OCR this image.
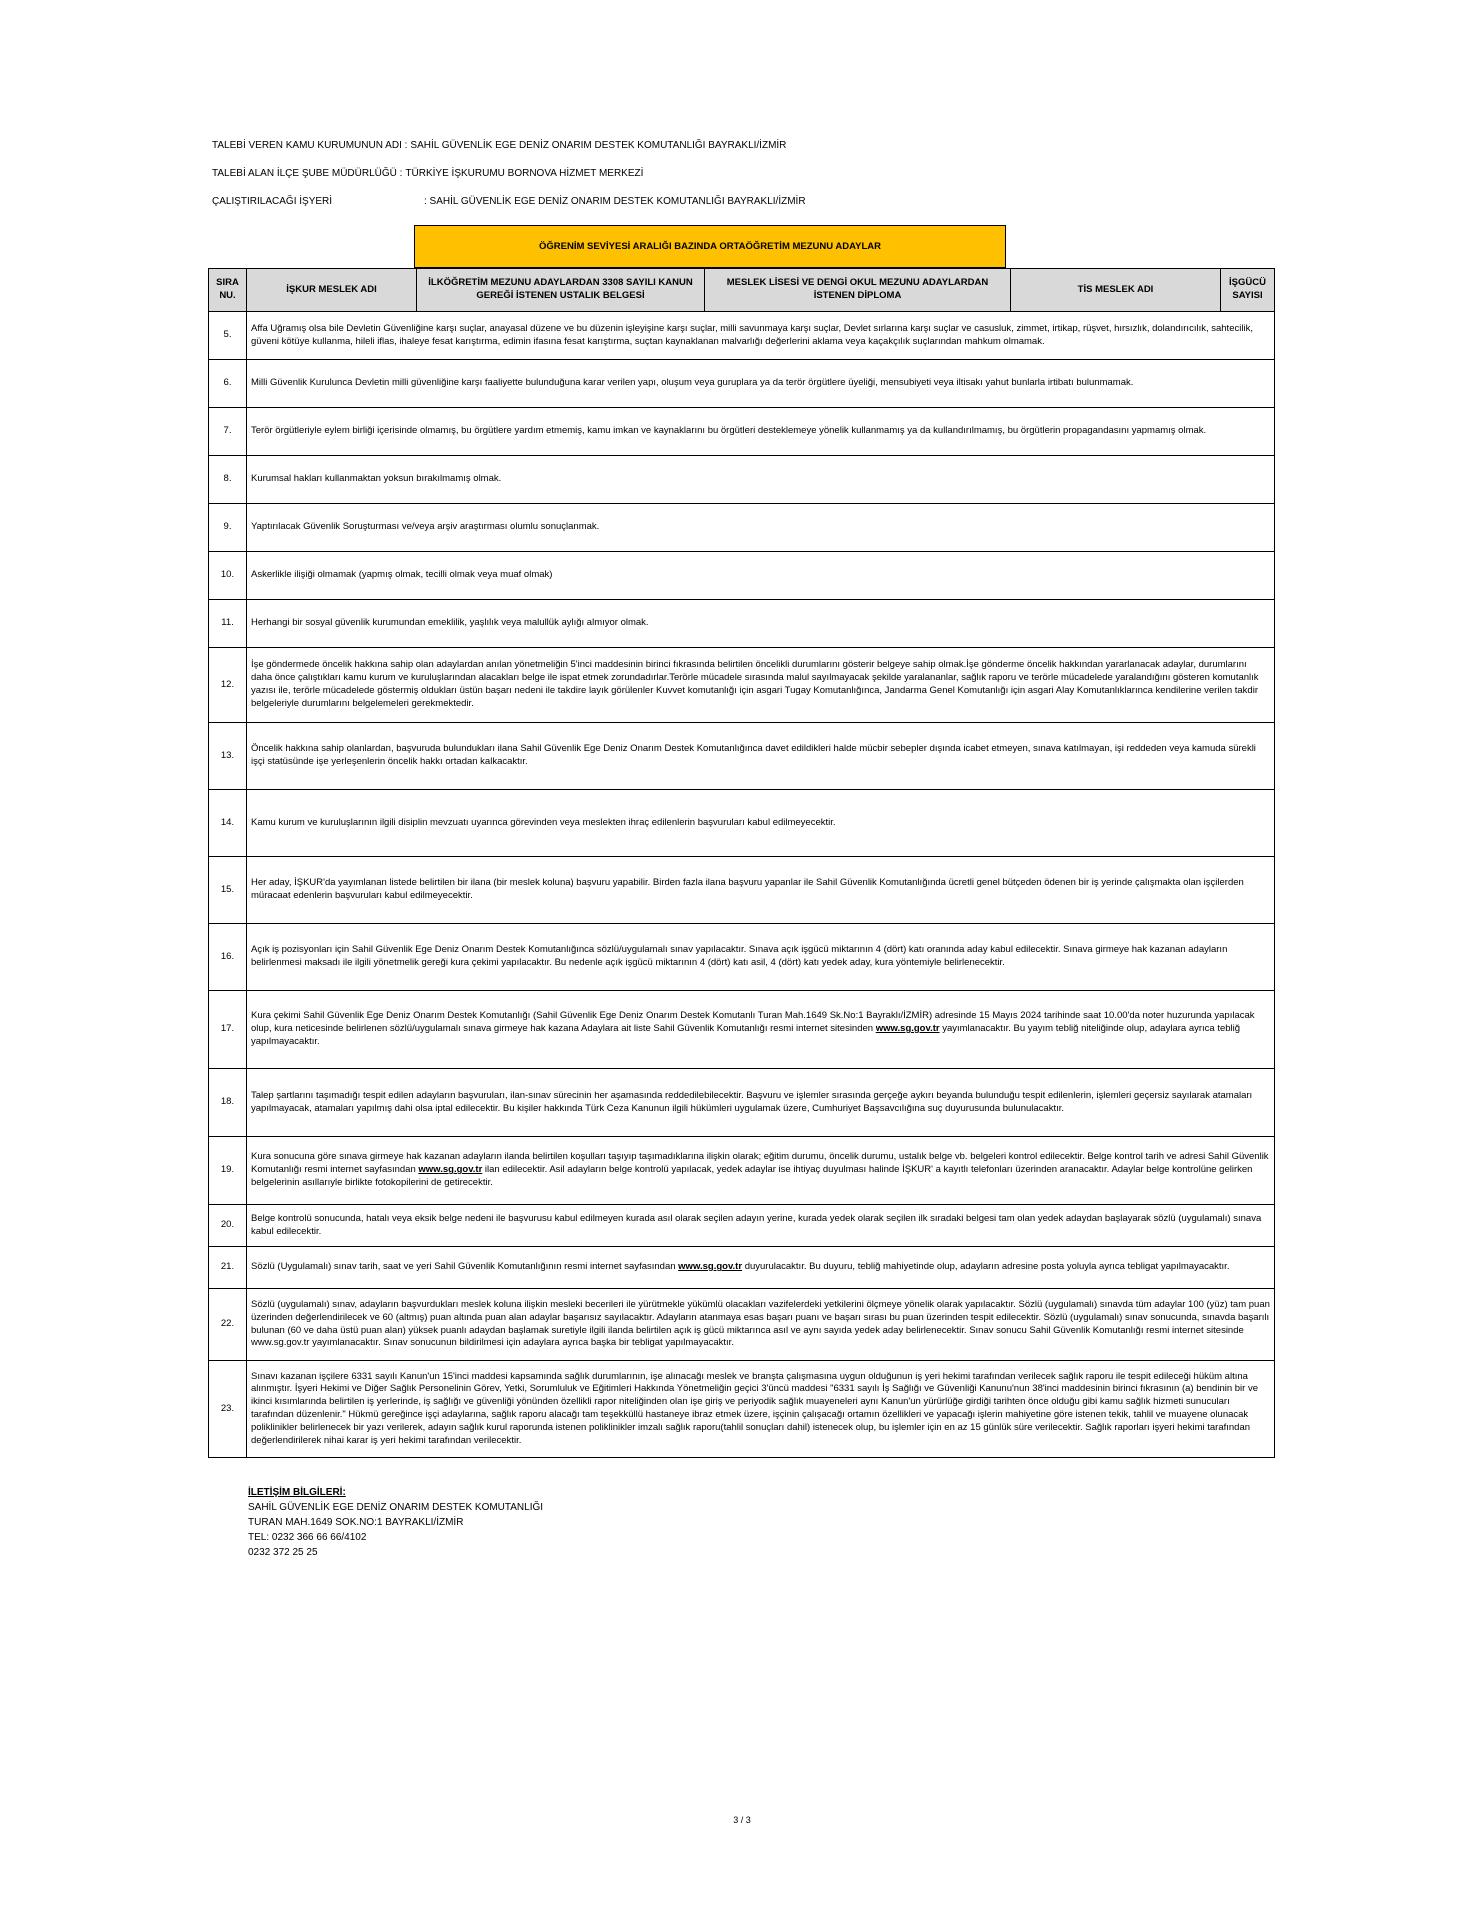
TALEBİ VEREN KAMU KURUMUNUN ADI : SAHİL GÜVENLİK EGE DENİZ ONARIM DESTEK KOMUTANLIĞI BAYRAKLI/İZMİR
TALEBİ ALAN İLÇE ŞUBE MÜDÜRLÜĞÜ : TÜRKİYE İŞKURUMU BORNOVA HİZMET MERKEZİ
ÇALIŞTIRILACAĞI İŞYERİ	: SAHİL GÜVENLİK EGE DENİZ ONARIM DESTEK KOMUTANLIĞI BAYRAKLI/İZMİR
ÖĞRENİM SEVİYESİ ARALIĞI BAZINDA ORTAÖĞRETİM MEZUNU ADAYLAR
SIRA NU.	İŞKUR MESLEK ADI	İLKÖĞRETİM MEZUNU ADAYLARDAN 3308 SAYILI KANUN GEREĞİ İSTENEN USTALIK BELGESİ	MESLEK LİSESİ VE DENGİ OKUL MEZUNU ADAYLARDAN İSTENEN DİPLOMA	TİS MESLEK ADI	İŞGÜCÜ SAYISI
5.	Affa Uğramış olsa bile Devletin Güvenliğine karşı suçlar, anayasal düzene ve bu düzenin işleyişine karşı suçlar, milli savunmaya karşı suçlar, Devlet sırlarına karşı suçlar ve casusluk, zimmet, irtikap, rüşvet, hırsızlık, dolandırıcılık, sahtecilik, güveni kötüye kullanma, hileli iflas, ihaleye fesat karıştırma, edimin ifasına fesat karıştırma, suçtan kaynaklanan malvarlığı değerlerini aklama veya kaçakçılık suçlarından mahkum olmamak.				
6.	Milli Güvenlik Kurulunca Devletin milli güvenliğine karşı faaliyette bulunduğuna karar verilen yapı, oluşum veya guruplara ya da terör örgütlere üyeliği, mensubiyeti veya iltisakı yahut bunlarla irtibatı bulunmamak.				
7.	Terör örgütleriyle eylem birliği içerisinde olmamış, bu örgütlere yardım etmemiş, kamu imkan ve kaynaklarını bu örgütleri desteklemeye yönelik kullanmamış ya da kullandırılmamış, bu örgütlerin propagandasını yapmamış olmak.				
8.	Kurumsal hakları kullanmaktan yoksun bırakılmamış olmak.				
9.	Yaptırılacak Güvenlik Soruşturması ve/veya arşiv araştırması olumlu sonuçlanmak.				
10.	Askerlikle ilişiği olmamak (yapmış olmak, tecilli olmak veya muaf olmak)				
11.	Herhangi bir sosyal güvenlik kurumundan emeklilik, yaşlılık veya malullük aylığı almıyor olmak.				
12.	İşe göndermede öncelik hakkına sahip olan adaylardan anılan yönetmeliğin 5'inci maddesinin birinci fıkrasında belirtilen öncelikli durumlarını gösterir belgeye sahip olmak.İşe gönderme öncelik hakkından yararlanacak adaylar, durumlarını daha önce çalıştıkları kamu kurum ve kuruluşlarından alacakları belge ile ispat etmek zorundadırlar.Terörle mücadele sırasında malul sayılmayacak şekilde yaralananlar, sağlık raporu ve terörle mücadelede yaralandığını gösteren komutanlık yazısı ile, terörle mücadelede göstermiş oldukları üstün başarı nedeni ile takdire layık görülenler Kuvvet komutanlığı için asgari Tugay Komutanlığınca, Jandarma Genel Komutanlığı için asgari Alay Komutanlıklarınca kendilerine verilen takdir belgeleriyle durumlarını belgelemeleri gerekmektedir.				
13.	Öncelik hakkına sahip olanlardan, başvuruda bulundukları ilana Sahil Güvenlik Ege Deniz Onarım Destek Komutanlığınca davet edildikleri halde mücbir sebepler dışında icabet etmeyen, sınava katılmayan, işi reddeden veya kamuda sürekli işçi statüsünde işe yerleşenlerin öncelik hakkı ortadan kalkacaktır.				
14.	Kamu kurum ve kuruluşlarının ilgili disiplin mevzuatı uyarınca görevinden veya meslekten ihraç edilenlerin başvuruları kabul edilmeyecektir.				
15.	Her aday, İŞKUR'da yayımlanan listede belirtilen bir ilana (bir meslek koluna) başvuru yapabilir. Birden fazla ilana başvuru yapanlar ile Sahil Güvenlik Komutanlığında ücretli genel bütçeden ödenen bir iş yerinde çalışmakta olan işçilerden müracaat edenlerin başvuruları kabul edilmeyecektir.				
16.	Açık iş pozisyonları için Sahil Güvenlik Ege Deniz Onarım Destek Komutanlığınca sözlü/uygulamalı sınav yapılacaktır. Sınava açık işgücü miktarının 4 (dört) katı oranında aday kabul edilecektir. Sınava girmeye hak kazanan adayların belirlenmesi maksadı ile ilgili yönetmelik gereği kura çekimi yapılacaktır. Bu nedenle açık işgücü miktarının 4 (dört) katı asil, 4 (dört) katı yedek aday, kura yöntemiyle belirlenecektir.				
17.	Kura çekimi Sahil Güvenlik Ege Deniz Onarım Destek Komutanlığı (Sahil Güvenlik Ege Deniz Onarım Destek Komutanlı Turan Mah.1649 Sk.No:1 Bayraklı/İZMİR) adresinde 15 Mayıs 2024 tarihinde saat 10.00'da noter huzurunda yapılacak olup, kura neticesinde belirlenen sözlü/uygulamalı sınava girmeye hak kazana Adaylara ait liste Sahil Güvenlik Komutanlığı resmi internet sitesinden www.sg.gov.tr yayımlanacaktır. Bu yayım tebliğ niteliğinde olup, adaylara ayrıca tebliğ yapılmayacaktır.				
18.	Talep şartlarını taşımadığı tespit edilen adayların başvuruları, ilan-sınav sürecinin her aşamasında reddedilebilecektir. Başvuru ve işlemler sırasında gerçeğe aykırı beyanda bulunduğu tespit edilenlerin, işlemleri geçersiz sayılarak atamaları yapılmayacak, atamaları yapılmış dahi olsa iptal edilecektir. Bu kişiler hakkında Türk Ceza Kanunun ilgili hükümleri uygulamak üzere, Cumhuriyet Başsavcılığına suç duyurusunda bulunulacaktır.				
19.	Kura sonucuna göre sınava girmeye hak kazanan adayların ilanda belirtilen koşulları taşıyıp taşımadıklarına ilişkin olarak; eğitim durumu, öncelik durumu, ustalık belge vb. belgeleri kontrol edilecektir. Belge kontrol tarih ve adresi Sahil Güvenlik Komutanlığı resmi internet sayfasından www.sg.gov.tr ilan edilecektir. Asil adayların belge kontrolü yapılacak, yedek adaylar ise ihtiyaç duyulması halinde İŞKUR' a kayıtlı telefonları üzerinden aranacaktır. Adaylar belge kontrolüne gelirken belgelerinin asıllarıyle birlikte fotokopilerini de getirecektir.				
20.	Belge kontrolü sonucunda, hatalı veya eksik belge nedeni ile başvurusu kabul edilmeyen kurada asıl olarak seçilen adayın yerine, kurada yedek olarak seçilen ilk sıradaki belgesi tam olan yedek adaydan başlayarak sözlü (uygulamalı) sınava kabul edilecektir.				
21.	Sözlü (Uygulamalı) sınav tarih, saat ve yeri Sahil Güvenlik Komutanlığının resmi internet sayfasından www.sg.gov.tr duyurulacaktır. Bu duyuru, tebliğ mahiyetinde olup, adayların adresine posta yoluyla ayrıca tebligat yapılmayacaktır.				
22.	Sözlü (uygulamalı) sınav, adayların başvurdukları meslek koluna ilişkin mesleki becerileri ile yürütmekle yükümlü olacakları vazifelerdeki yetkilerini ölçmeye yönelik olarak yapılacaktır. Sözlü (uygulamalı) sınavda tüm adaylar 100 (yüz) tam puan üzerinden değerlendirilecek ve 60 (altmış) puan altında puan alan adaylar başarısız sayılacaktır. Adayların atanmaya esas başarı puanı ve başarı sırası bu puan üzerinden tespit edilecektir. Sözlü (uygulamalı) sınav sonucunda, sınavda başarılı bulunan (60 ve daha üstü puan alan) yüksek puanlı adaydan başlamak suretiyle ilgili ilanda belirtilen açık iş gücü miktarınca asıl ve aynı sayıda yedek aday belirlenecektir. Sınav sonucu Sahil Güvenlik Komutanlığı resmi internet sitesinde www.sg.gov.tr yayımlanacaktır. Sınav sonucunun bildirilmesi için adaylara ayrıca başka bir tebligat yapılmayacaktır.				
23.	Sınavı kazanan işçilere 6331 sayılı Kanun'un 15'inci maddesi kapsamında sağlık durumlarının, işe alınacağı meslek ve branşta çalışmasına uygun olduğunun iş yeri hekimi tarafından verilecek sağlık raporu ile tespit edileceği hüküm altına alınmıştır. İşyeri Hekimi ve Diğer Sağlık Personelinin Görev, Yetki, Sorumluluk ve Eğitimleri Hakkında Yönetmeliğin geçici 3'üncü maddesi "6331 sayılı İş Sağlığı ve Güvenliği Kanunu'nun 38'inci maddesinin birinci fıkrasının (a) bendinin bir ve ikinci kısımlarında belirtilen iş yerlerinde, iş sağlığı ve güvenliği yönünden özellikli rapor niteliğinden olan işe giriş ve periyodik sağlık muayeneleri aynı Kanun'un yürürlüğe girdiği tarihten önce olduğu gibi kamu sağlık hizmeti sunucuları tarafından düzenlenir." Hükmü gereğince işçi adaylarına, sağlık raporu alacağı tam teşekküllü hastaneye ibraz etmek üzere, işçinin çalışacağı ortamın özellikleri ve yapacağı işlerin mahiyetine göre istenen tekik, tahlil ve muayene olunacak poliklinikler belirlenecek bir yazı verilerek, adayın sağlık kurul raporunda istenen poliklinikler imzalı sağlık raporu(tahlil sonuçları dahil) istenecek olup, bu işlemler için en az 15 günlük süre verilecektir. Sağlık raporları işyeri hekimi tarafından değerlendirilerek nihai karar iş yeri hekimi tarafından verilecektir.				
İLETİŞİM BİLGİLERİ:
SAHİL GÜVENLİK EGE DENİZ ONARIM DESTEK KOMUTANLIĞI
TURAN MAH.1649 SOK.NO:1 BAYRAKLI/İZMİR
TEL: 0232 366 66 66/4102
0232 372 25 25
3 / 3
